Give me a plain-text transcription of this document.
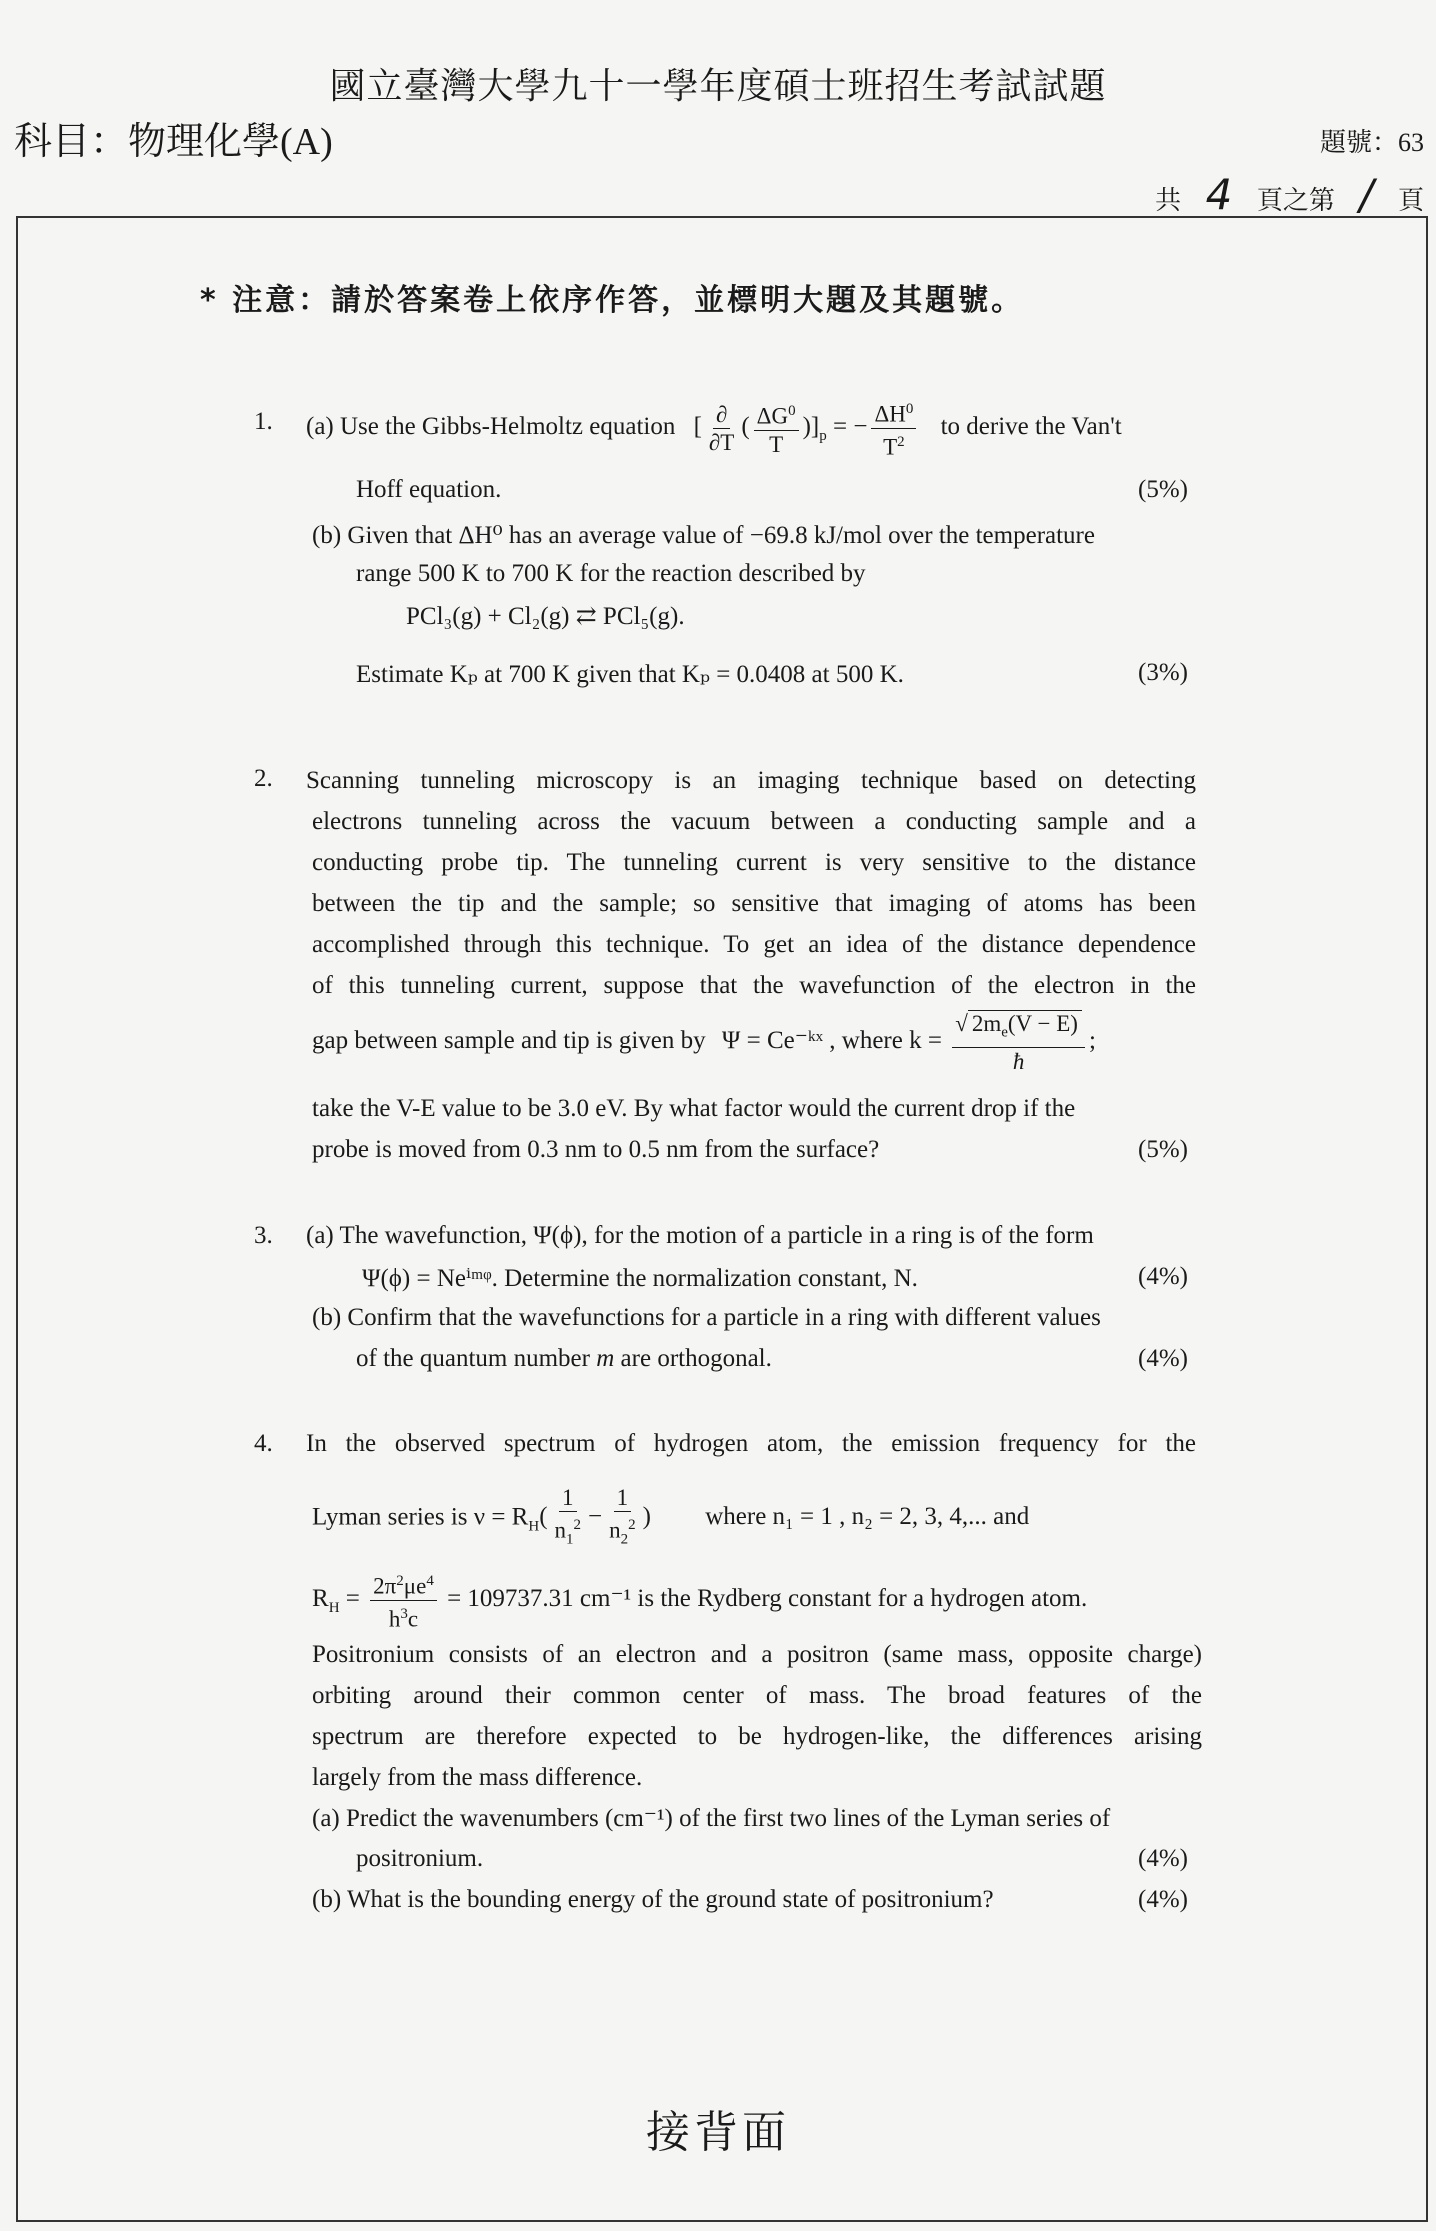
國立臺灣大學九十一學年度碩士班招生考試試題
科目：物理化學(A)	題號：63
共 4 頁之第 / 頁
* 注意：請於答案卷上依序作答，並標明大題及其題號。
1. (a) Use the Gibbs-Helmoltz equation [ $\frac{\partial}{\partial T}$ ( $\frac{\Delta G^0}{T} )]_p$ = − $\frac{\Delta H^0}{T^2}$ to derive the Van't
Hoff equation.	(5%)
(b) Given that ΔH⁰ has an average value of −69.8 kJ/mol over the temperature
range 500 K to 700 K for the reaction described by
PCl₃(g) + Cl₂(g) ⇄ PCl₅(g).
Estimate Kₚ at 700 K given that Kₚ = 0.0408 at 500 K.	(3%)
2. Scanning tunneling microscopy is an imaging technique based on detecting
electrons tunneling across the vacuum between a conducting sample and a
conducting probe tip. The tunneling current is very sensitive to the distance
between the tip and the sample; so sensitive that imaging of atoms has been
accomplished through this technique. To get an idea of the distance dependence
of this tunneling current, suppose that the wavefunction of the electron in the
gap between sample and tip is given by Ψ = Ce⁻ᵏˣ , where $k = \frac{√ 2m_e(V - E)}{ħ}$ ;
take the V-E value to be 3.0 eV. By what factor would the current drop if the
probe is moved from 0.3 nm to 0.5 nm from the surface?	(5%)
3. (a) The wavefunction, Ψ(ϕ), for the motion of a particle in a ring is of the form
Ψ(ϕ) = Neⁱᵐᵠ. Determine the normalization constant, N.	(4%)
(b) Confirm that the wavefunctions for a particle in a ring with different values
of the quantum number m are orthogonal.	(4%)
4. In the observed spectrum of hydrogen atom, the emission frequency for the
Lyman series is $\nu = R_H( \frac{1}{n_1^2} - \frac{1}{n_2^2}$ ) where n₁ = 1 , n₂ = 2, 3, 4,... and
$R_H = \frac{2\pi^2\mu e^4}{h^3c} = 109737.31$ cm⁻¹ is the Rydberg constant for a hydrogen atom.
Positronium consists of an electron and a positron (same mass, opposite charge)
orbiting around their common center of mass. The broad features of the
spectrum are therefore expected to be hydrogen-like, the differences arising
largely from the mass difference.
(a) Predict the wavenumbers (cm⁻¹) of the first two lines of the Lyman series of
positronium.	(4%)
(b) What is the bounding energy of the ground state of positronium?	(4%)
接背面
